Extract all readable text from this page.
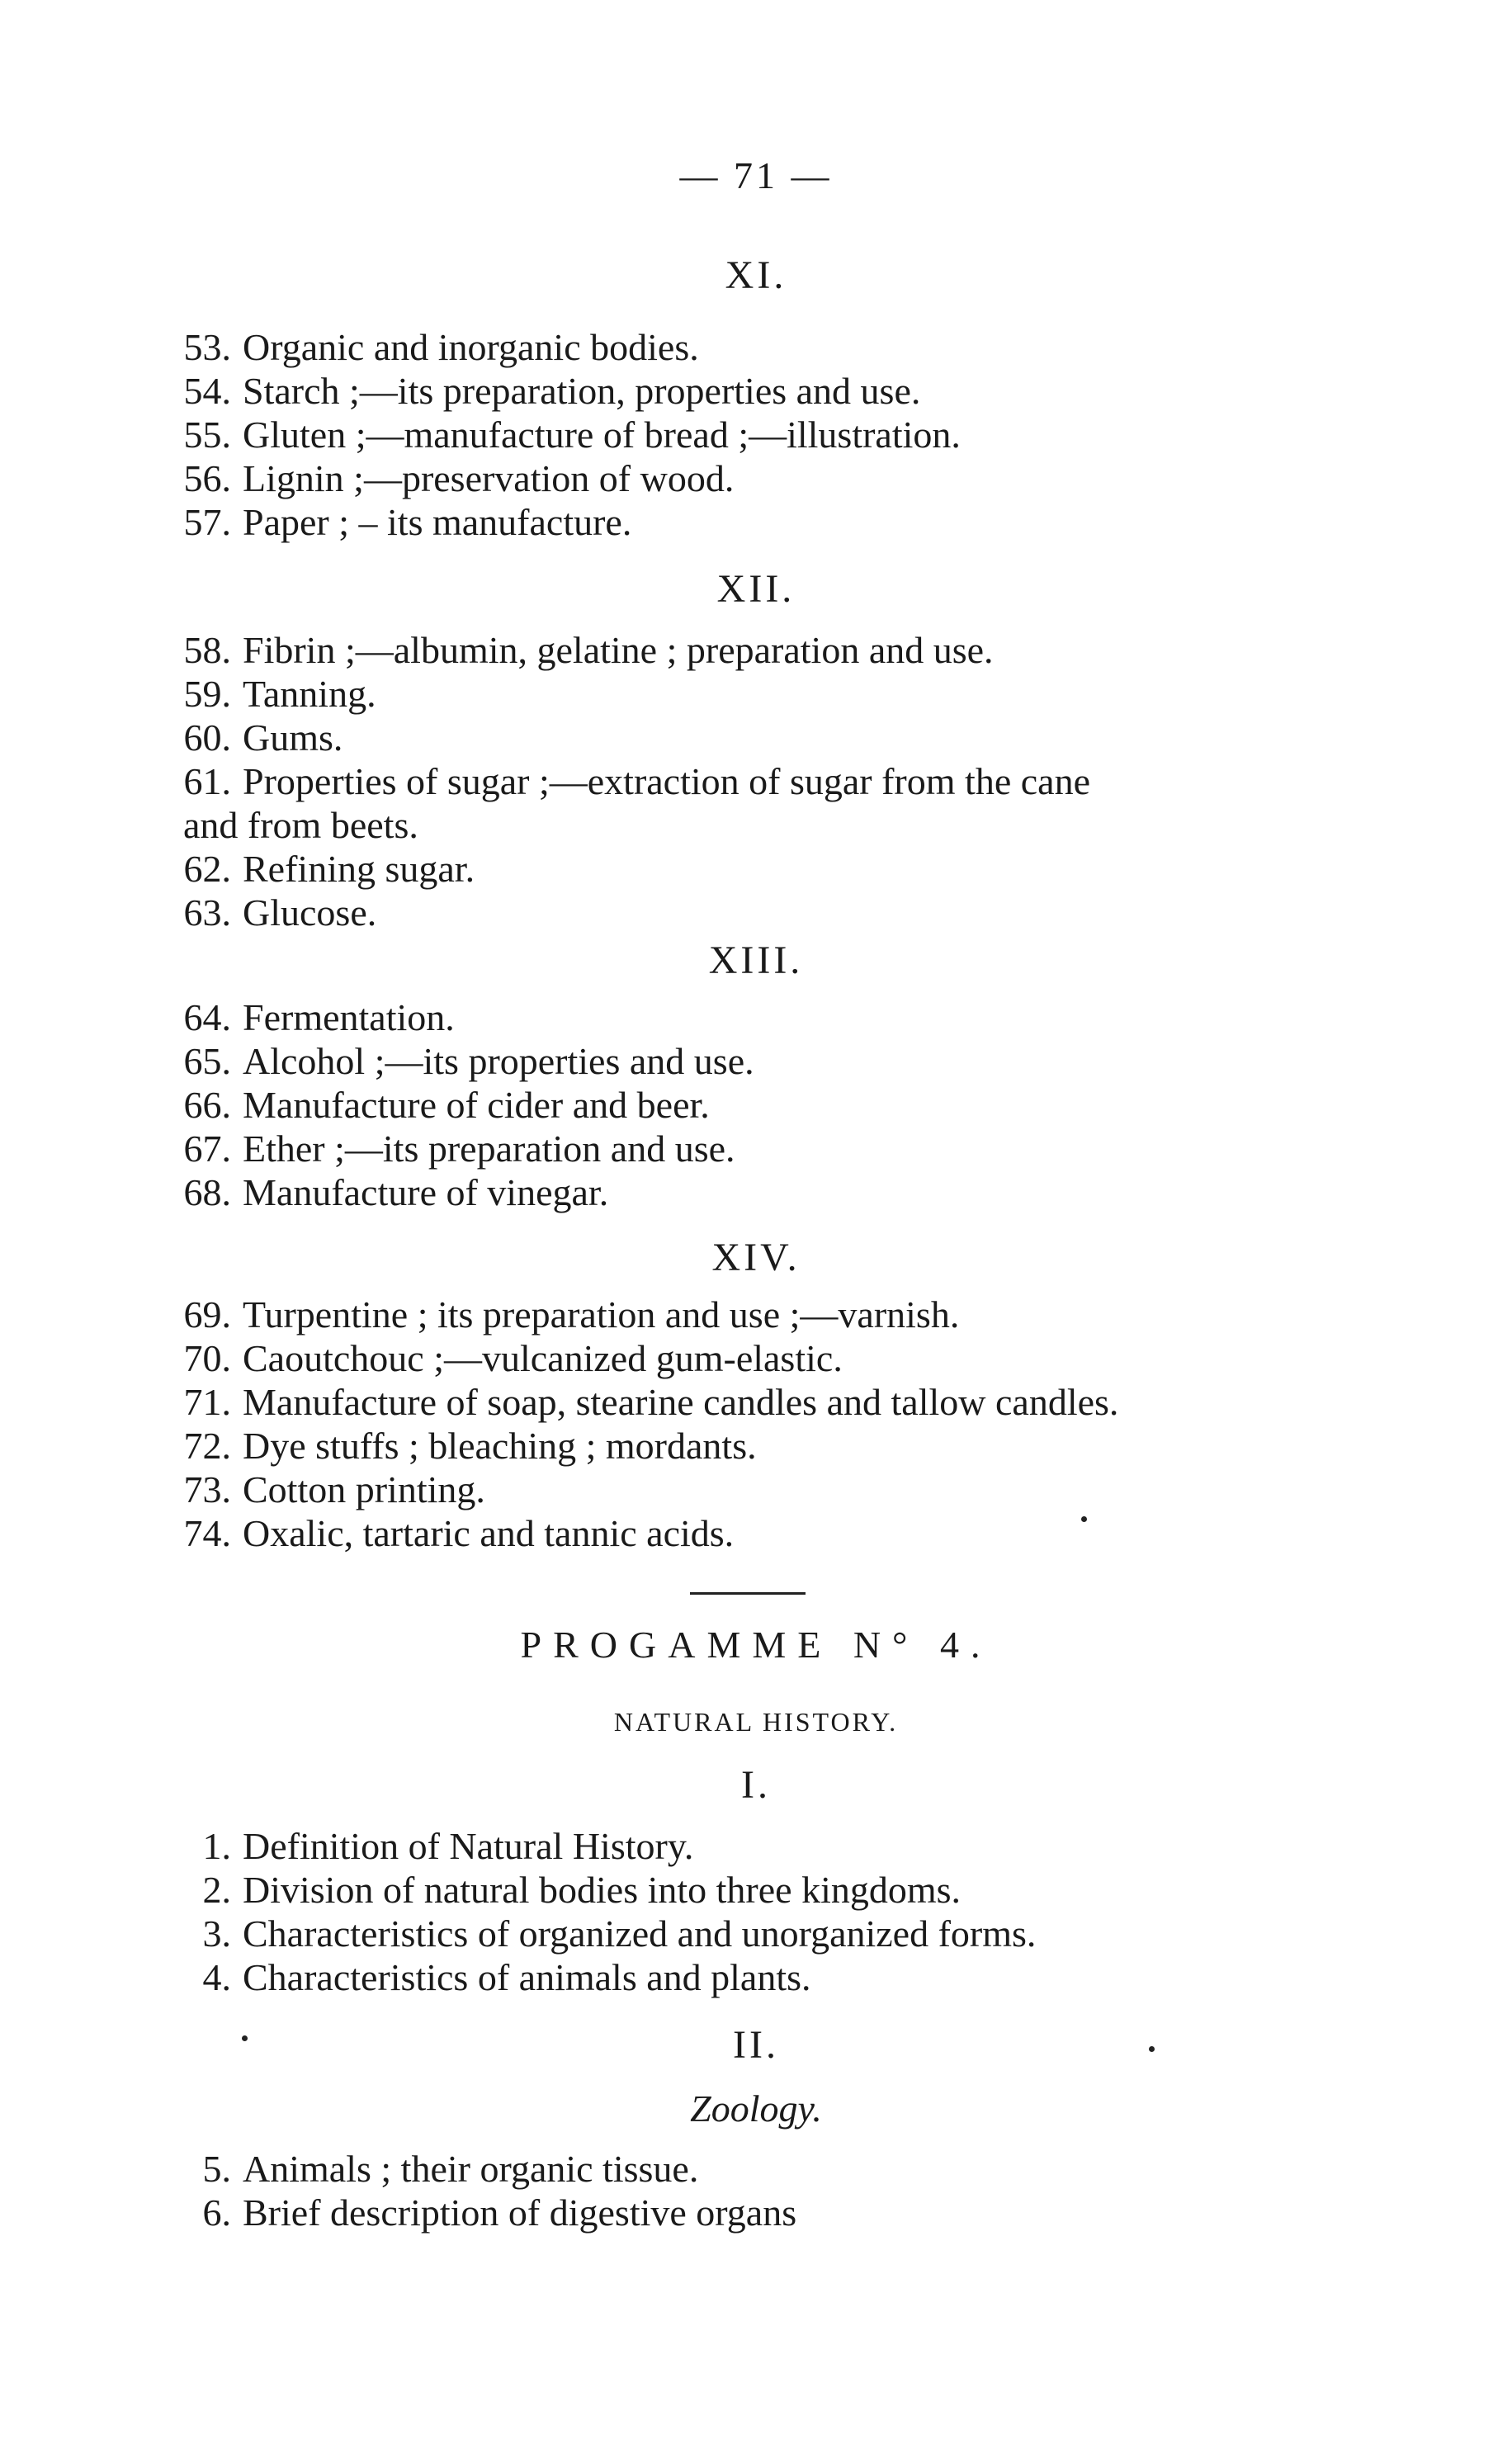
— 71 —
XI.
53. Organic and inorganic bodies.
54. Starch ;—its preparation, properties and use.
55. Gluten ;—manufacture of bread ;—illustration.
56. Lignin ;—preservation of wood.
57. Paper ; – its manufacture.
XII.
58. Fibrin ;—albumin, gelatine ; preparation and use.
59. Tanning.
60. Gums.
61. Properties of sugar ;—extraction of sugar from the cane
and from beets.
62. Refining sugar.
63. Glucose.
XIII.
64. Fermentation.
65. Alcohol ;—its properties and use.
66. Manufacture of cider and beer.
67. Ether ;—its preparation and use.
68. Manufacture of vinegar.
XIV.
69. Turpentine ; its preparation and use ;—varnish.
70. Caoutchouc ;—vulcanized gum-elastic.
71. Manufacture of soap, stearine candles and tallow candles.
72. Dye stuffs ; bleaching ; mordants.
73. Cotton printing.
74. Oxalic, tartaric and tannic acids.
PROGAMME N° 4.
NATURAL HISTORY.
I.
1. Definition of Natural History.
2. Division of natural bodies into three kingdoms.
3. Characteristics of organized and unorganized forms.
4. Characteristics of animals and plants.
II.
Zoology.
5. Animals ; their organic tissue.
6. Brief description of digestive organs
